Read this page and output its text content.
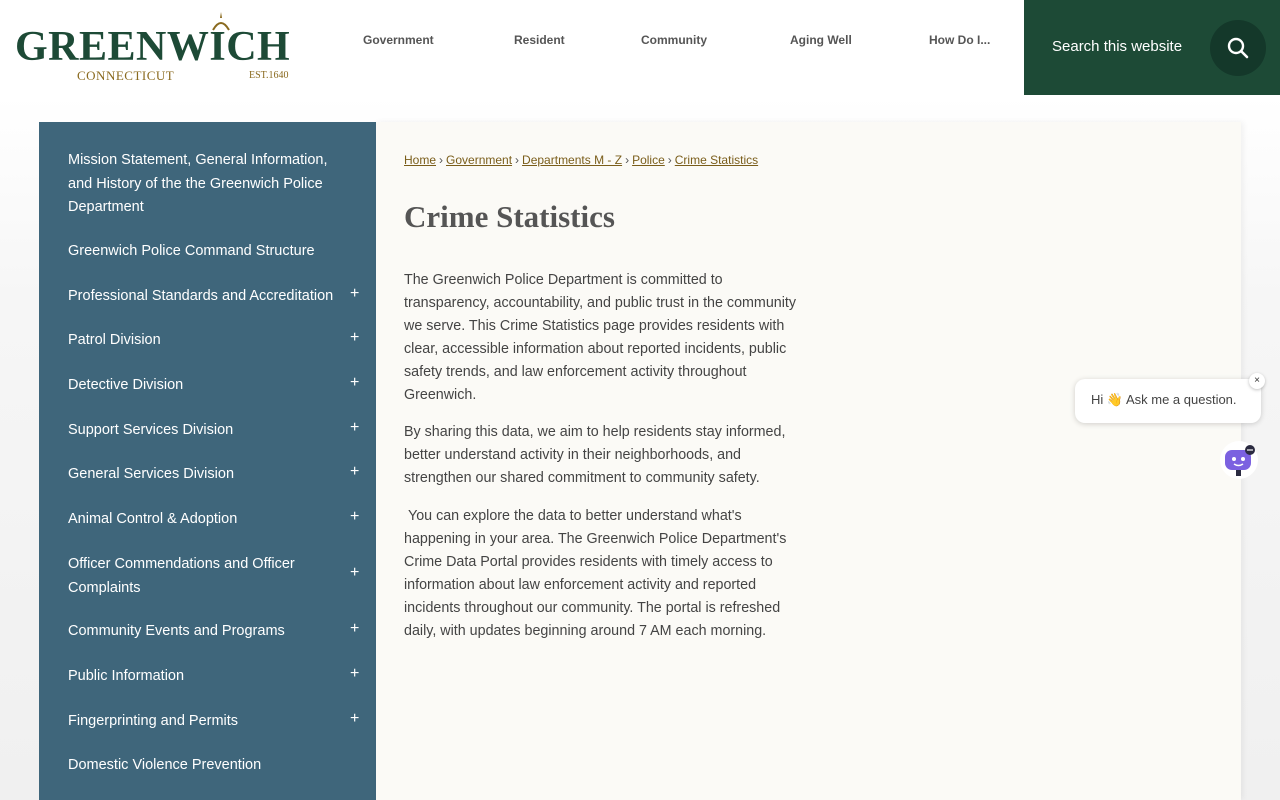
GREENWICH
CONNECTICUT	EST.1640
Government	Resident	Community	Aging Well	How Do I...	Search this website
Mission Statement, General Information, and History of the the Greenwich Police Department
Greenwich Police Command Structure
Professional Standards and Accreditation +
Patrol Division	+
Detective Division	+
Support Services Division	+
General Services Division	+
Animal Control & Adoption	+
Officer Commendations and Officer Complaints
+
Community Events and Programs	+
Public Information	+
Fingerprinting and Permits	+
Domestic Violence Prevention
Home › Government › Departments M - Z › Police › Crime Statistics
Crime Statistics

The Greenwich Police Department is committed to transparency, accountability, and public trust in the community we serve. This Crime Statistics page provides residents with clear, accessible information about reported incidents, public safety trends, and law enforcement activity throughout Greenwich.

By sharing this data, we aim to help residents stay informed, better understand activity in their neighborhoods, and strengthen our shared commitment to community safety.

You can explore the data to better understand what's happening in your area. The Greenwich Police Department's Crime Data Portal provides residents with timely access to information about law enforcement activity and reported incidents throughout our community. The portal is refreshed daily, with updates beginning around 7 AM each morning.

Hi 👋 Ask me a question.
×
